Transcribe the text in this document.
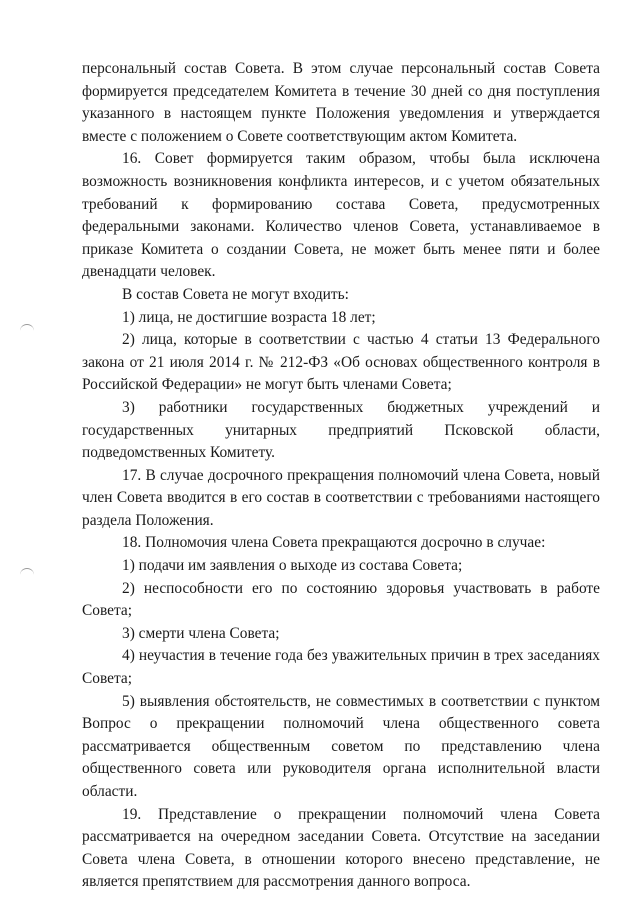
персональный состав Совета. В этом случае персональный состав Совета формируется председателем Комитета в течение 30 дней со дня поступления указанного в настоящем пункте Положения уведомления и утверждается вместе с положением о Совете соответствующим актом Комитета.

16. Совет формируется таким образом, чтобы была исключена возможность возникновения конфликта интересов, и с учетом обязательных требований к формированию состава Совета, предусмотренных федеральными законами. Количество членов Совета, устанавливаемое в приказе Комитета о создании Совета, не может быть менее пяти и более двенадцати человек.

В состав Совета не могут входить:

1) лица, не достигшие возраста 18 лет;

2) лица, которые в соответствии с частью 4 статьи 13 Федерального закона от 21 июля 2014 г. № 212-ФЗ «Об основах общественного контроля в Российской Федерации» не могут быть членами Совета;

3) работники государственных бюджетных учреждений и государственных унитарных предприятий Псковской области, подведомственных Комитету.

17. В случае досрочного прекращения полномочий члена Совета, новый член Совета вводится в его состав в соответствии с требованиями настоящего раздела Положения.

18. Полномочия члена Совета прекращаются досрочно в случае:

1) подачи им заявления о выходе из состава Совета;

2) неспособности его по состоянию здоровья участвовать в работе Совета;

3) смерти члена Совета;

4) неучастия в течение года без уважительных причин в трех заседаниях Совета;

5) выявления обстоятельств, не совместимых в соответствии с пунктом Вопрос о прекращении полномочий члена общественного совета рассматривается общественным советом по представлению члена общественного совета или руководителя органа исполнительной власти области.

19. Представление о прекращении полномочий члена Совета рассматривается на очередном заседании Совета. Отсутствие на заседании Совета члена Совета, в отношении которого внесено представление, не является препятствием для рассмотрения данного вопроса.
